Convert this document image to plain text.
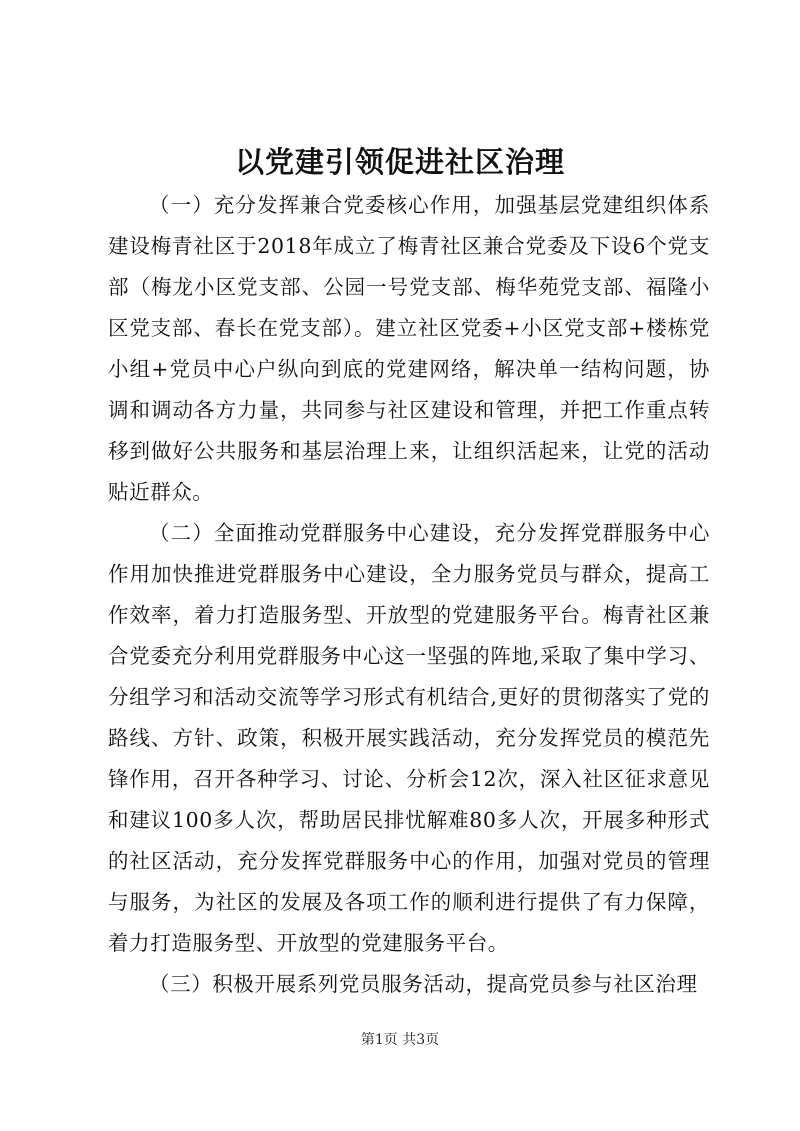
以党建引领促进社区治理

（一）充分发挥兼合党委核心作用，加强基层党建组织体系建设梅青社区于2018年成立了梅青社区兼合党委及下设6个党支部（梅龙小区党支部、公园一号党支部、梅华苑党支部、福隆小区党支部、春长在党支部）。建立社区党委+小区党支部+楼栋党小组+党员中心户纵向到底的党建网络，解决单一结构问题，协调和调动各方力量，共同参与社区建设和管理，并把工作重点转移到做好公共服务和基层治理上来，让组织活起来，让党的活动贴近群众。

（二）全面推动党群服务中心建设，充分发挥党群服务中心作用加快推进党群服务中心建设，全力服务党员与群众，提高工作效率，着力打造服务型、开放型的党建服务平台。梅青社区兼合党委充分利用党群服务中心这一坚强的阵地,采取了集中学习、分组学习和活动交流等学习形式有机结合,更好的贯彻落实了党的路线、方针、政策，积极开展实践活动，充分发挥党员的模范先锋作用，召开各种学习、讨论、分析会12次，深入社区征求意见和建议100多人次，帮助居民排忧解难80多人次，开展多种形式的社区活动，充分发挥党群服务中心的作用，加强对党员的管理与服务，为社区的发展及各项工作的顺利进行提供了有力保障，着力打造服务型、开放型的党建服务平台。

（三）积极开展系列党员服务活动，提高党员参与社区治理

第1页 共3页
